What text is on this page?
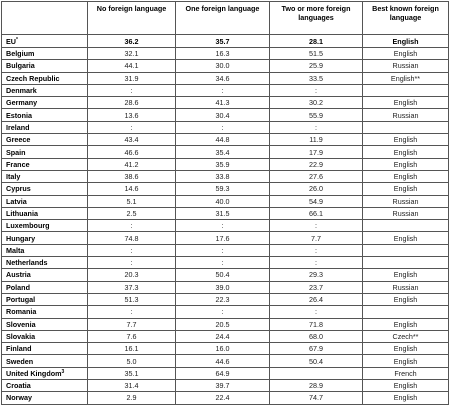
	No foreign language	One foreign language	Two or more foreign languages	Best known foreign language
EU*	36.2	35.7	28.1	English
Belgium	32.1	16.3	51.5	English
Bulgaria	44.1	30.0	25.9	Russian
Czech Republic	31.9	34.6	33.5	English**
Denmark	:	:	:	
Germany	28.6	41.3	30.2	English
Estonia	13.6	30.4	55.9	Russian
Ireland	:	:	:	
Greece	43.4	44.8	11.9	English
Spain	46.6	35.4	17.9	English
France	41.2	35.9	22.9	English
Italy	38.6	33.8	27.6	English
Cyprus	14.6	59.3	26.0	English
Latvia	5.1	40.0	54.9	Russian
Lithuania	2.5	31.5	66.1	Russian
Luxembourg	:	:	:	
Hungary	74.8	17.6	7.7	English
Malta	:	:	:	
Netherlands	:	:	:	
Austria	20.3	50.4	29.3	English
Poland	37.3	39.0	23.7	Russian
Portugal	51.3	22.3	26.4	English
Romania	:	:	:	
Slovenia	7.7	20.5	71.8	English
Slovakia	7.6	24.4	68.0	Czech**
Finland	16.1	16.0	67.9	English
Sweden	5.0	44.6	50.4	English
United Kingdom$^3$	35.1	64.9		French
Croatia	31.4	39.7	28.9	English
Norway	2.9	22.4	74.7	English
